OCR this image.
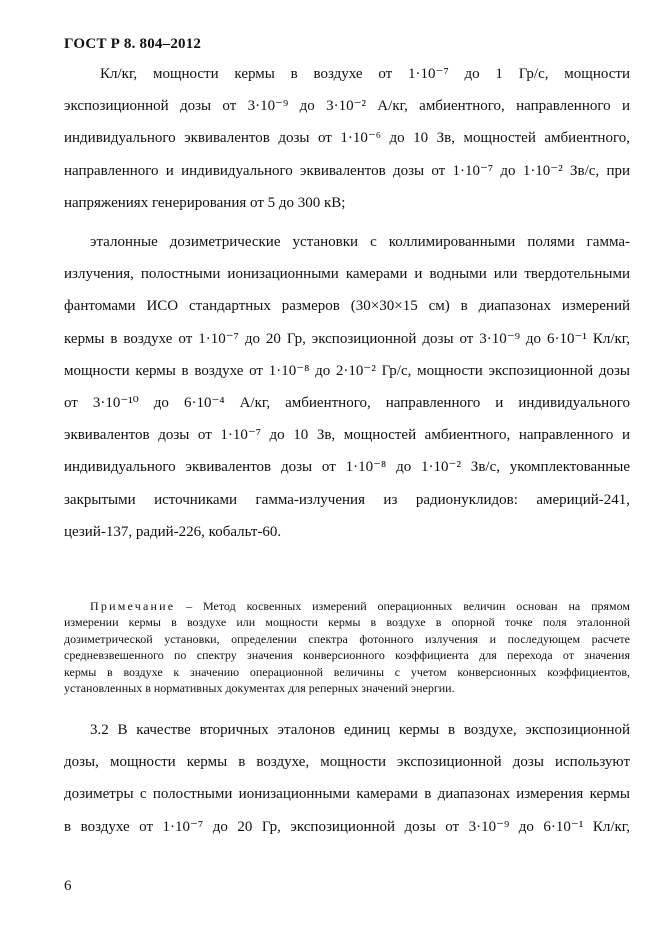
ГОСТ Р 8. 804–2012
Кл/кг, мощности кермы в воздухе от 1·10⁻⁷ до 1 Гр/с, мощности
экспозиционной дозы от 3·10⁻⁹ до 3·10⁻² А/кг, амбиентного, направленного и
индивидуального эквивалентов дозы от 1·10⁻⁶ до 10 Зв, мощностей амбиентного,
направленного и индивидуального эквивалентов дозы от 1·10⁻⁷ до 1·10⁻² Зв/с, при
напряжениях генерирования от 5 до 300 кВ;
эталонные дозиметрические установки с коллимированными полями гамма-
излучения, полостными ионизационными камерами и водными или твердотельными
фантомами ИСО стандартных размеров (30×30×15 см) в диапазонах измерений
кермы в воздухе от 1·10⁻⁷ до 20 Гр, экспозиционной дозы от 3·10⁻⁹ до 6·10⁻¹ Кл/кг,
мощности кермы в воздухе от 1·10⁻⁸ до 2·10⁻² Гр/с, мощности экспозиционной дозы
от 3·10⁻¹⁰ до 6·10⁻⁴ А/кг, амбиентного, направленного и индивидуального
эквивалентов дозы от 1·10⁻⁷ до 10 Зв, мощностей амбиентного, направленного и
индивидуального эквивалентов дозы от 1·10⁻⁸ до 1·10⁻² Зв/с, укомплектованные
закрытыми источниками гамма-излучения из радионуклидов: америций-241,
цезий-137, радий-226, кобальт-60.
Примечание – Метод косвенных измерений операционных величин основан на прямом
измерении кермы в воздухе или мощности кермы в воздухе в опорной точке поля эталонной
дозиметрической установки, определении спектра фотонного излучения и последующем расчете
средневзвешенного по спектру значения конверсионного коэффициента для перехода от значения
кермы в воздухе к значению операционной величины с учетом конверсионных коэффициентов,
установленных в нормативных документах для реперных значений энергии.
3.2 В качестве вторичных эталонов единиц кермы в воздухе, экспозиционной
дозы, мощности кермы в воздухе, мощности экспозиционной дозы используют
дозиметры с полостными ионизационными камерами в диапазонах измерения кермы
в воздухе от 1·10⁻⁷ до 20 Гр, экспозиционной дозы от 3·10⁻⁹ до 6·10⁻¹ Кл/кг,
6
